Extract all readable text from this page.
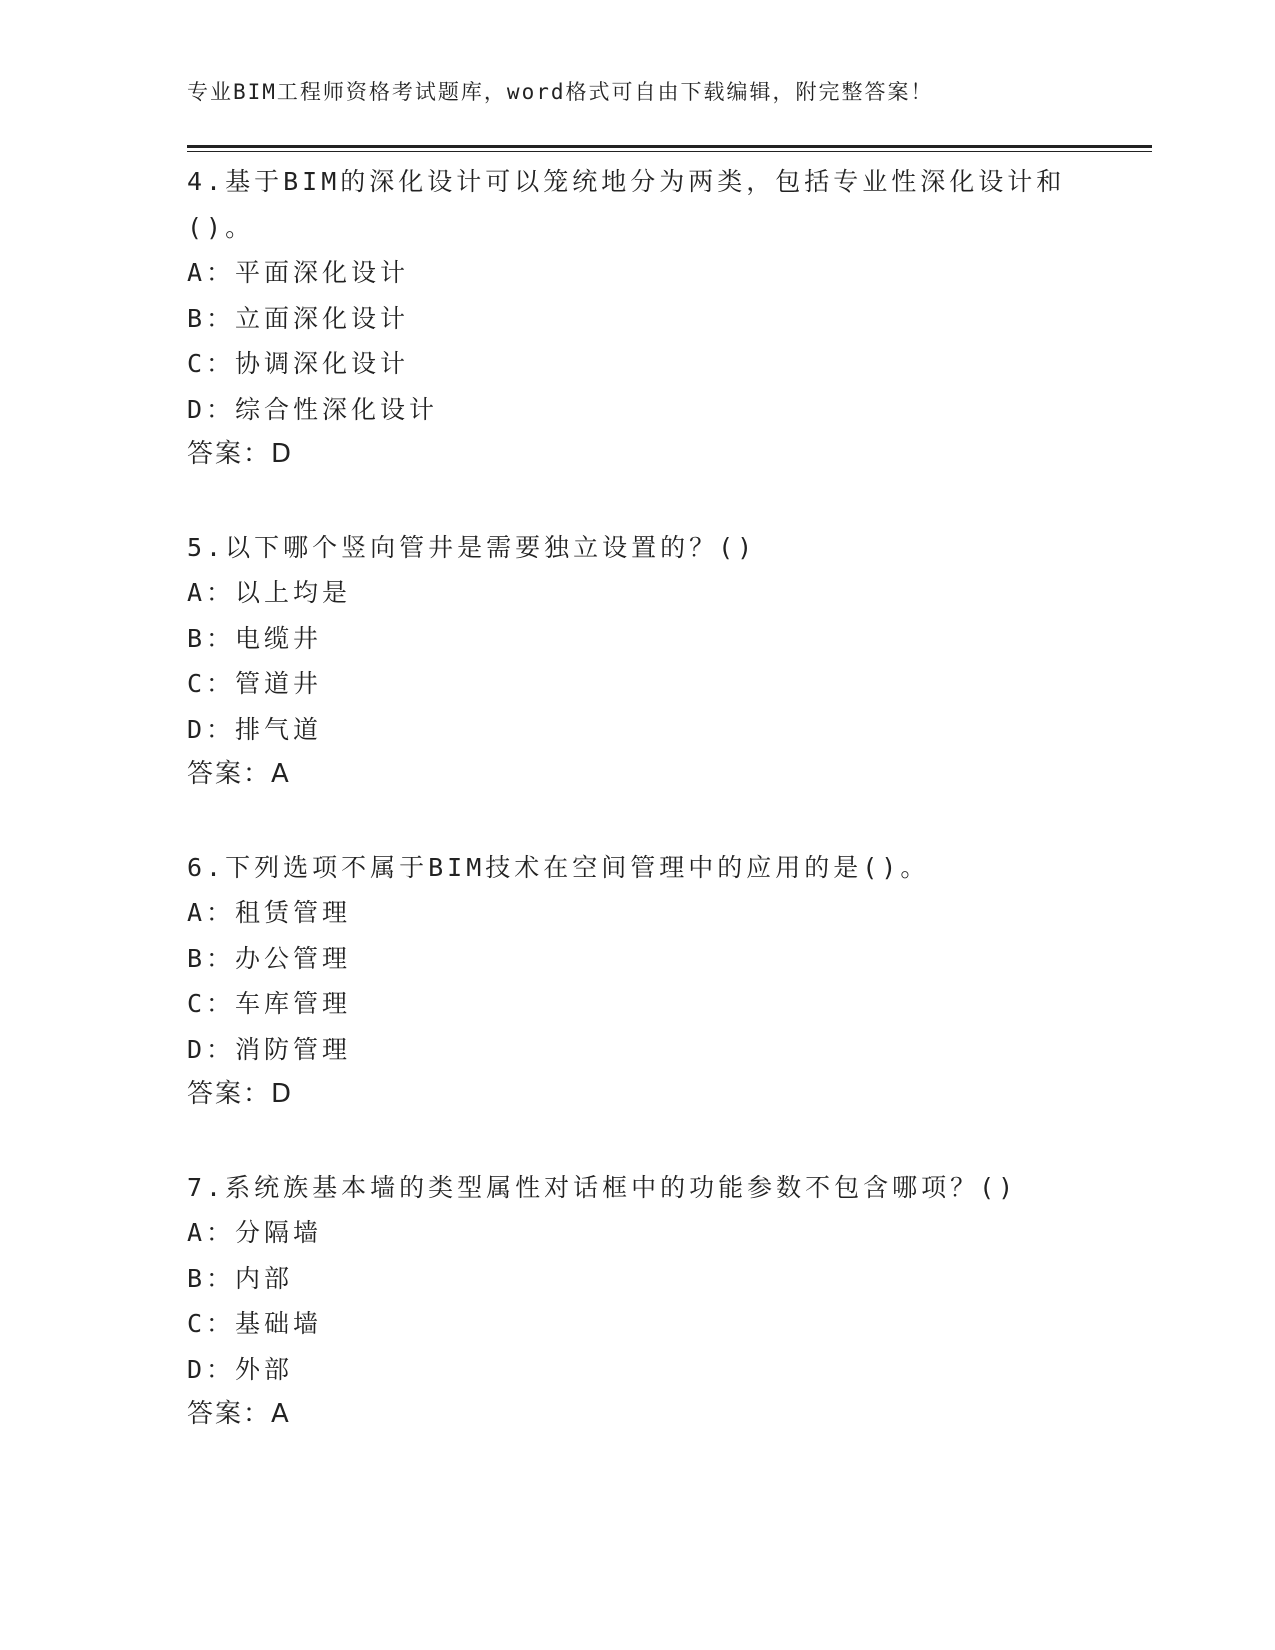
专业BIM工程师资格考试题库，word格式可自由下载编辑，附完整答案！
4.基于BIM的深化设计可以笼统地分为两类，包括专业性深化设计和
()。
A：平面深化设计
B：立面深化设计
C：协调深化设计
D：综合性深化设计
答案：D
5.以下哪个竖向管井是需要独立设置的？()
A：以上均是
B：电缆井
C：管道井
D：排气道
答案：A
6.下列选项不属于BIM技术在空间管理中的应用的是()。
A：租赁管理
B：办公管理
C：车库管理
D：消防管理
答案：D
7.系统族基本墙的类型属性对话框中的功能参数不包含哪项？()
A：分隔墙
B：内部
C：基础墙
D：外部
答案：A
